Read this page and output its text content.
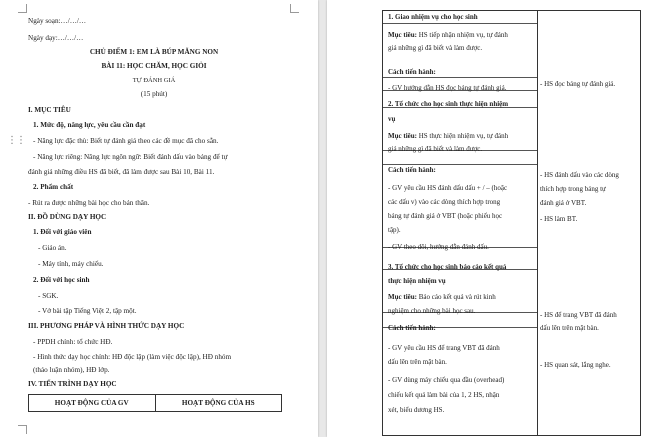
⋮⋮
Ngày soạn:…/…/…
Ngày dạy:…/…/…
CHỦ ĐIỂM 1: EM LÀ BÚP MĂNG NON
BÀI 11: HỌC CHĂM, HỌC GIỎI
TỰ ĐÁNH GIÁ
(15 phút)
I. MỤC TIÊU
1. Mức độ, năng lực, yêu cầu cần đạt
- Năng lực đặc thù: Biết tự đánh giá theo các đề mục đã cho sẵn.
- Năng lực riêng: Năng lực ngôn ngữ: Biết đánh dấu vào bảng để tự
đánh giá những điều HS đã biết, đã làm được sau Bài 10, Bài 11.
2. Phẩm chất
- Rút ra được những bài học cho bản thân.
II. ĐỒ DÙNG DẠY HỌC
1. Đối với giáo viên
- Giáo án.
- Máy tính, máy chiếu.
2. Đối với học sinh
- SGK.
- Vở bài tập Tiếng Việt 2, tập một.
III. PHƯƠNG PHÁP VÀ HÌNH THỨC DẠY HỌC
- PPDH chính: tổ chức HĐ.
- Hình thức dạy học chính: HĐ độc lập (làm việc độc lập), HĐ nhóm
(thảo luận nhóm), HĐ lớp.
IV. TIẾN TRÌNH DẠY HỌC
HOẠT ĐỘNG CỦA GV	HOẠT ĐỘNG CỦA HS
1. Giao nhiệm vụ cho học sinh
Mục tiêu: HS tiếp nhận nhiệm vụ, tự đánh
giá những gì đã biết và làm được.
Cách tiến hành:
- GV hướng dẫn HS đọc bảng tự đánh giá.
2. Tổ chức cho học sinh thực hiện nhiệm
vụ
Mục tiêu: HS thực hiện nhiệm vụ, tự đánh
giá những gì đã biết và làm được.
Cách tiến hành:
- GV yêu cầu HS đánh dấu dấu + / – (hoặc
các dấu v) vào các dòng thích hợp trong
bảng tự đánh giá ở VBT (hoặc phiếu học
tập).
- GV theo dõi, hướng dẫn đánh dấu.
3. Tổ chức cho học sinh báo cáo kết quả
thực hiện nhiệm vụ
Mục tiêu: Báo cáo kết quả và rút kinh
nghiệm cho những bài học sau.
Cách tiến hành:
- GV yêu cầu HS để trang VBT đã đánh
dấu lên trên mặt bàn.
- GV dùng máy chiếu qua đầu (overhead)
chiếu kết quả làm bài của 1, 2 HS, nhận
xét, biểu dương HS.
- HS đọc bảng tự đánh giá.
- HS đánh dấu vào các dòng
thích hợp trong bảng tự
đánh giá ở VBT.
- HS làm BT.
- HS để trang VBT đã đánh
dấu lên trên mặt bàn.
- HS quan sát, lắng nghe.
